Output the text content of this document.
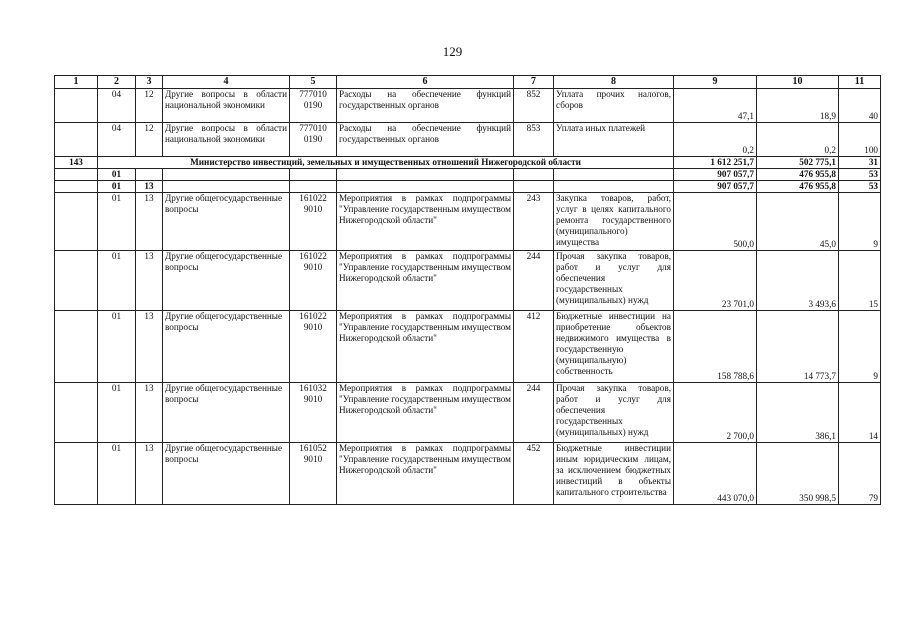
129
1	2	3	4	5	6	7	8	9	10	11
	04	12	Другие вопросы в области национальной экономики	777010 0190	Расходы на обеспечение функций государственных органов	852	Уплата прочих налогов, сборов	47,1	18,9	40
	04	12	Другие вопросы в области национальной экономики	777010 0190	Расходы на обеспечение функций государственных органов	853	Уплата иных платежей	0,2	0,2	100
143	Министерство инвестиций, земельных и имущественных отношений Нижегородской области							1 612 251,7	502 775,1	31
	01							907 057,7	476 955,8	53
	01	13						907 057,7	476 955,8	53
	01	13	Другие общегосударственные вопросы	161022 9010	Мероприятия в рамках подпрограммы "Управление государственным имуществом Нижегородской области"	243	Закупка товаров, работ, услуг в целях капитального ремонта государственного (муниципального) имущества	500,0	45,0	9
	01	13	Другие общегосударственные вопросы	161022 9010	Мероприятия в рамках подпрограммы "Управление государственным имуществом Нижегородской области"	244	Прочая закупка товаров, работ и услуг для обеспечения государственных (муниципальных) нужд	23 701,0	3 493,6	15
	01	13	Другие общегосударственные вопросы	161022 9010	Мероприятия в рамках подпрограммы "Управление государственным имуществом Нижегородской области"	412	Бюджетные инвестиции на приобретение объектов недвижимого имущества в государственную (муниципальную) собственность	158 788,6	14 773,7	9
	01	13	Другие общегосударственные вопросы	161032 9010	Мероприятия в рамках подпрограммы "Управление государственным имуществом Нижегородской области"	244	Прочая закупка товаров, работ и услуг для обеспечения государственных (муниципальных) нужд	2 700,0	386,1	14
	01	13	Другие общегосударственные вопросы	161052 9010	Мероприятия в рамках подпрограммы "Управление государственным имуществом Нижегородской области"	452	Бюджетные инвестиции иным юридическим лицам, за исключением бюджетных инвестиций в объекты капитального строительства	443 070,0	350 998,5	79
